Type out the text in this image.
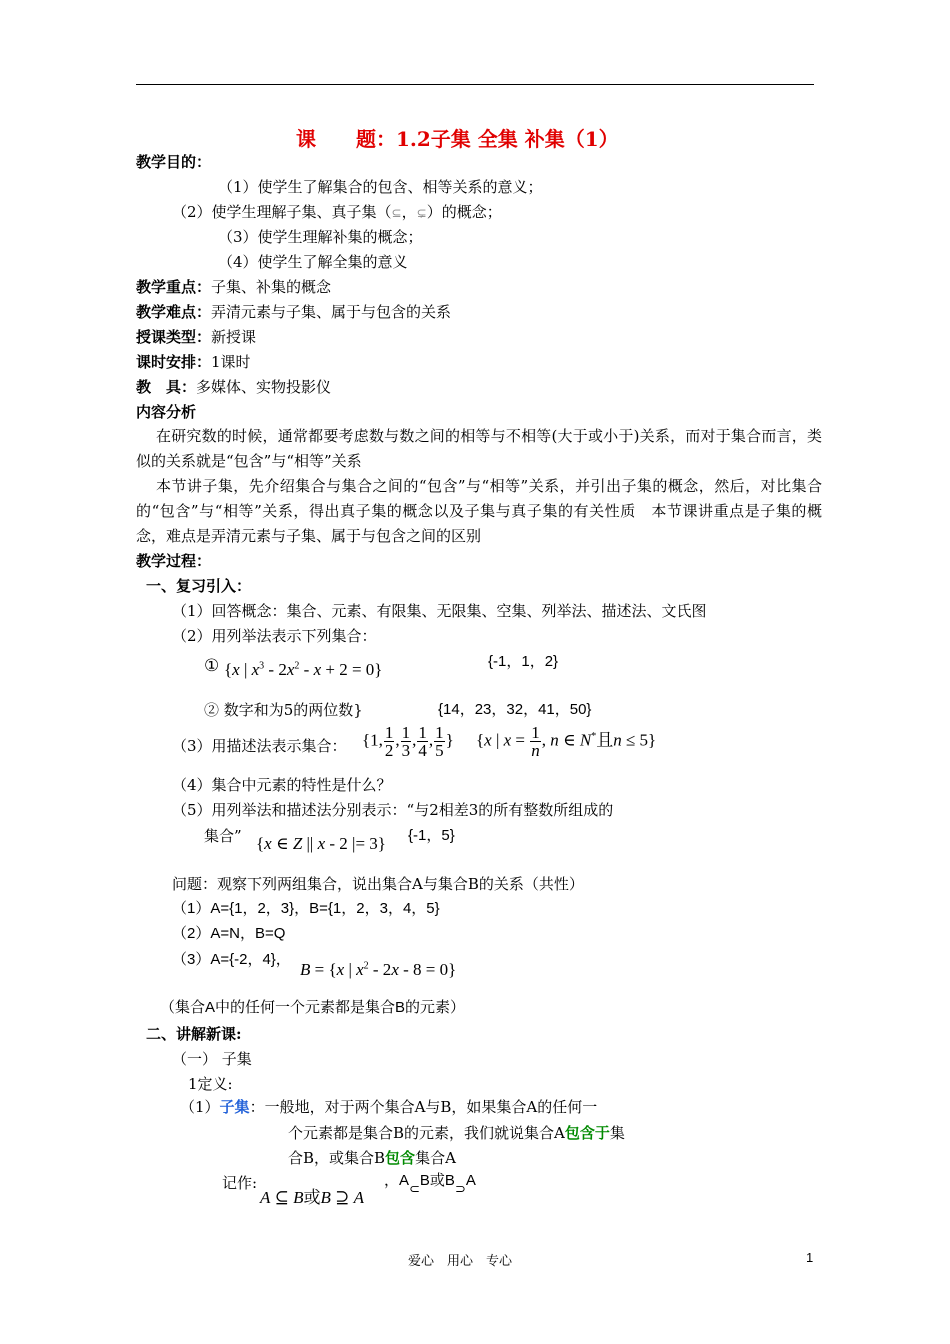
课　　题：1.2子集 全集 补集（1）
教学目的：
（1）使学生了解集合的包含、相等关系的意义；
（2）使学生理解子集、真子集（⊆，⊊）的概念；
（3）使学生理解补集的概念；
（4）使学生了解全集的意义
教学重点：子集、补集的概念
教学难点：弄清元素与子集、属于与包含的关系
授课类型：新授课
课时安排：1课时
教　具：多媒体、实物投影仪
内容分析
在研究数的时候，通常都要考虑数与数之间的相等与不相等(大于或小于)关系，而对于集合而言，类似的关系就是“包含”与“相等”关系
本节讲子集，先介绍集合与集合之间的“包含”与“相等”关系，并引出子集的概念，然后，对比集合的“包含”与“相等”关系，得出真子集的概念以及子集与真子集的有关性质　本节课讲重点是子集的概念，难点是弄清元素与子集、属于与包含之间的区别
教学过程：
一、复习引入：
（1）回答概念：集合、元素、有限集、无限集、空集、列举法、描述法、文氏图
（2）用列举法表示下列集合：
① {x | $x^3 - 2x^2 - x + 2 = 0$}	{-1，1，2}
② 数字和为5的两位数}	{14，23，32，41，50}
（3）用描述法表示集合： {1, $\frac{1}{2}$ , $\frac{1}{3}$ , $\frac{1}{4}$ , $\frac{1}{5}$ } {x | $x = \frac{1}{n}$ , n ∈ N*且n ≤ 5}
（4）集合中元素的特性是什么？
（5）用列举法和描述法分别表示：“与2相差3的所有整数所组成的
集合” {x ∈ Z || x - 2 |= 3} {-1，5}
问题：观察下列两组集合，说出集合A与集合B的关系（共性）
（1）A={1，2，3}，B={1，2，3，4，5}
（2）A=N，B=Q
（3）A={-2，4}，
B = {x | $x^2 - 2x - 8 = 0$}
（集合A中的任何一个元素都是集合B的元素）
二、讲解新课:
（一） 子集
1定义:
（1）子集：一般地，对于两个集合A与B，如果集合A的任何一
个元素都是集合B的元素，我们就说集合A包含于集
合B，或集合B包含集合A
记作:
A ⊆ B或B ⊇ A
，A⊂B或B⊃A
爱心　用心　专心	1
